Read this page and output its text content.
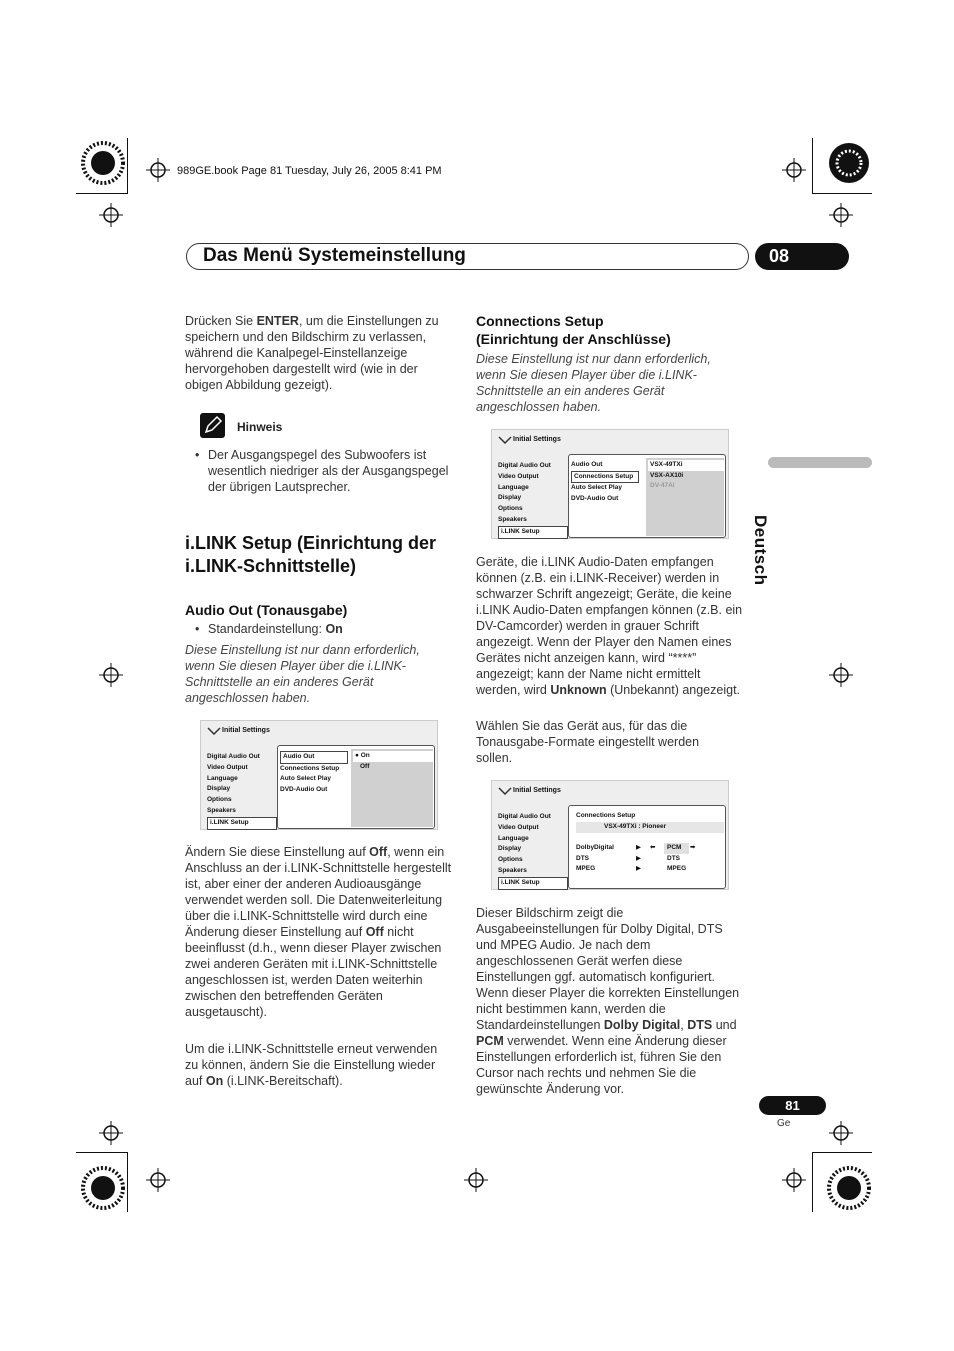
989GE.book Page 81 Tuesday, July 26, 2005 8:41 PM
Das Menü Systemeinstellung	08
Deutsch
Drücken Sie ENTER, um die Einstellungen zu speichern und den Bildschirm zu verlassen, während die Kanalpegel-Einstellanzeige hervorgehoben dargestellt wird (wie in der obigen Abbildung gezeigt).
Hinweis
• Der Ausgangspegel des Subwoofers ist wesentlich niedriger als der Ausgangspegel der übrigen Lautsprecher.
i.LINK Setup (Einrichtung der
i.LINK-Schnittstelle)
Audio Out (Tonausgabe)
• Standardeinstellung: On
Diese Einstellung ist nur dann erforderlich, wenn Sie diesen Player über die i.LINK-Schnittstelle an ein anderes Gerät angeschlossen haben.
Initial Settings
Digital Audio Out
Video Output
Language
Display
Options
Speakers
i.LINK Setup
Audio Out
Connections Setup
Auto Select Play
DVD-Audio Out
● On
Off
Ändern Sie diese Einstellung auf Off, wenn ein Anschluss an der i.LINK-Schnittstelle hergestellt ist, aber einer der anderen Audioausgänge verwendet werden soll. Die Datenweiterleitung über die i.LINK-Schnittstelle wird durch eine Änderung dieser Einstellung auf Off nicht beeinflusst (d.h., wenn dieser Player zwischen zwei anderen Geräten mit i.LINK-Schnittstelle angeschlossen ist, werden Daten weiterhin zwischen den betreffenden Geräten ausgetauscht).
Um die i.LINK-Schnittstelle erneut verwenden zu können, ändern Sie die Einstellung wieder auf On (i.LINK-Bereitschaft).
Connections Setup
(Einrichtung der Anschlüsse)
Diese Einstellung ist nur dann erforderlich, wenn Sie diesen Player über die i.LINK-Schnittstelle an ein anderes Gerät angeschlossen haben.
Initial Settings
Digital Audio Out
Video Output
Language
Display
Options
Speakers
i.LINK Setup
Audio Out
Connections Setup
Auto Select Play
DVD-Audio Out
VSX-49TXi
VSX-AX10i
DV-47Ai
Geräte, die i.LINK Audio-Daten empfangen können (z.B. ein i.LINK-Receiver) werden in schwarzer Schrift angezeigt; Geräte, die keine i.LINK Audio-Daten empfangen können (z.B. ein DV-Camcorder) werden in grauer Schrift angezeigt. Wenn der Player den Namen eines Gerätes nicht anzeigen kann, wird “****” angezeigt; kann der Name nicht ermittelt werden, wird Unknown (Unbekannt) angezeigt.
Wählen Sie das Gerät aus, für das die Tonausgabe-Formate eingestellt werden sollen.
Initial Settings
Digital Audio Out
Video Output
Language
Display
Options
Speakers
i.LINK Setup
Connections Setup
VSX-49TXi : Pioneer
DolbyDigital
DTS
MPEG
▶
▶
▶
⬅	➡
PCM
DTS
MPEG
Dieser Bildschirm zeigt die Ausgabeeinstellungen für Dolby Digital, DTS und MPEG Audio. Je nach dem angeschlossenen Gerät werfen diese Einstellungen ggf. automatisch konfiguriert. Wenn dieser Player die korrekten Einstellungen nicht bestimmen kann, werden die Standardeinstellungen Dolby Digital, DTS und PCM verwendet. Wenn eine Änderung dieser Einstellungen erforderlich ist, führen Sie den Cursor nach rechts und nehmen Sie die gewünschte Änderung vor.
81
Ge
